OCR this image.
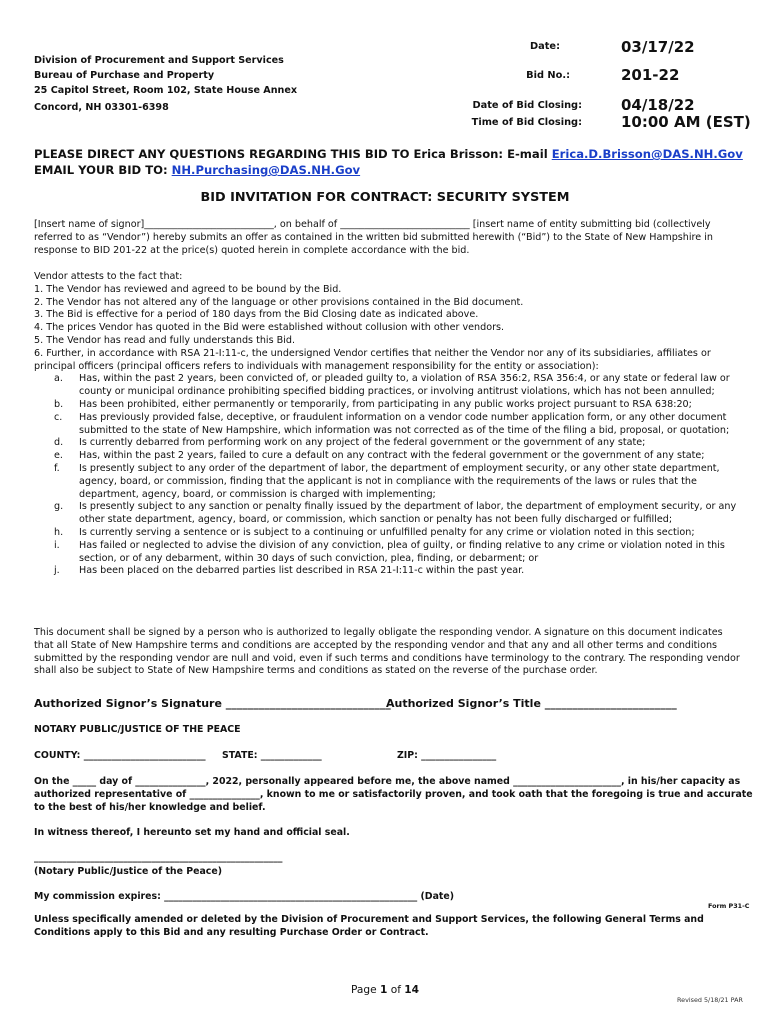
Division of Procurement and Support Services
Bureau of Purchase and Property
25 Capitol Street, Room 102, State House Annex
Concord, NH 03301-6398
Date:	03/17/22
Bid No.:	201-22
Date of Bid Closing:	04/18/22
Time of Bid Closing:	10:00 AM (EST)
PLEASE DIRECT ANY QUESTIONS REGARDING THIS BID TO Erica Brisson: E-mail Erica.D.Brisson@DAS.NH.Gov
EMAIL YOUR BID TO: NH.Purchasing@DAS.NH.Gov
BID INVITATION FOR CONTRACT: SECURITY SYSTEM
[Insert name of signor]___________________________, on behalf of ___________________________ [insert name of entity submitting bid (collectively referred to as “Vendor”) hereby submits an offer as contained in the written bid submitted herewith (“Bid”) to the State of New Hampshire in response to BID 201-22 at the price(s) quoted herein in complete accordance with the bid.
Vendor attests to the fact that:
1. The Vendor has reviewed and agreed to be bound by the Bid.
2. The Vendor has not altered any of the language or other provisions contained in the Bid document.
3. The Bid is effective for a period of 180 days from the Bid Closing date as indicated above.
4. The prices Vendor has quoted in the Bid were established without collusion with other vendors.
5. The Vendor has read and fully understands this Bid.
6. Further, in accordance with RSA 21-I:11-c, the undersigned Vendor certifies that neither the Vendor nor any of its subsidiaries, affiliates or principal officers (principal officers refers to individuals with management responsibility for the entity or association):
a. Has, within the past 2 years, been convicted of, or pleaded guilty to, a violation of RSA 356:2, RSA 356:4, or any state or federal law or county or municipal ordinance prohibiting specified bidding practices, or involving antitrust violations, which has not been annulled;
b. Has been prohibited, either permanently or temporarily, from participating in any public works project pursuant to RSA 638:20;
c. Has previously provided false, deceptive, or fraudulent information on a vendor code number application form, or any other document submitted to the state of New Hampshire, which information was not corrected as of the time of the filing a bid, proposal, or quotation;
d. Is currently debarred from performing work on any project of the federal government or the government of any state;
e. Has, within the past 2 years, failed to cure a default on any contract with the federal government or the government of any state;
f. Is presently subject to any order of the department of labor, the department of employment security, or any other state department, agency, board, or commission, finding that the applicant is not in compliance with the requirements of the laws or rules that the department, agency, board, or commission is charged with implementing;
g. Is presently subject to any sanction or penalty finally issued by the department of labor, the department of employment security, or any other state department, agency, board, or commission, which sanction or penalty has not been fully discharged or fulfilled;
h. Is currently serving a sentence or is subject to a continuing or unfulfilled penalty for any crime or violation noted in this section;
i. Has failed or neglected to advise the division of any conviction, plea of guilty, or finding relative to any crime or violation noted in this section, or of any debarment, within 30 days of such conviction, plea, finding, or debarment; or
j. Has been placed on the debarred parties list described in RSA 21-I:11-c within the past year.
This document shall be signed by a person who is authorized to legally obligate the responding vendor. A signature on this document indicates that all State of New Hampshire terms and conditions are accepted by the responding vendor and that any and all other terms and conditions submitted by the responding vendor are null and void, even if such terms and conditions have terminology to the contrary. The responding vendor shall also be subject to State of New Hampshire terms and conditions as stated on the reverse of the purchase order.
Authorized Signor’s Signature ______________________________
Authorized Signor’s Title ________________________
NOTARY PUBLIC/JUSTICE OF THE PEACE
COUNTY: __________________________ STATE: _____________	ZIP: ________________
On the _____ day of _______________, 2022, personally appeared before me, the above named _______________________, in his/her capacity as authorized representative of _______________, known to me or satisfactorily proven, and took oath that the foregoing is true and accurate to the best of his/her knowledge and belief.
In witness thereof, I hereunto set my hand and official seal.
_____________________________________________________
(Notary Public/Justice of the Peace)
My commission expires: ______________________________________________________ (Date)
Form P31-C
Unless specifically amended or deleted by the Division of Procurement and Support Services, the following General Terms and Conditions apply to this Bid and any resulting Purchase Order or Contract.
Page 1 of 14
Revised 5/18/21 PAR
